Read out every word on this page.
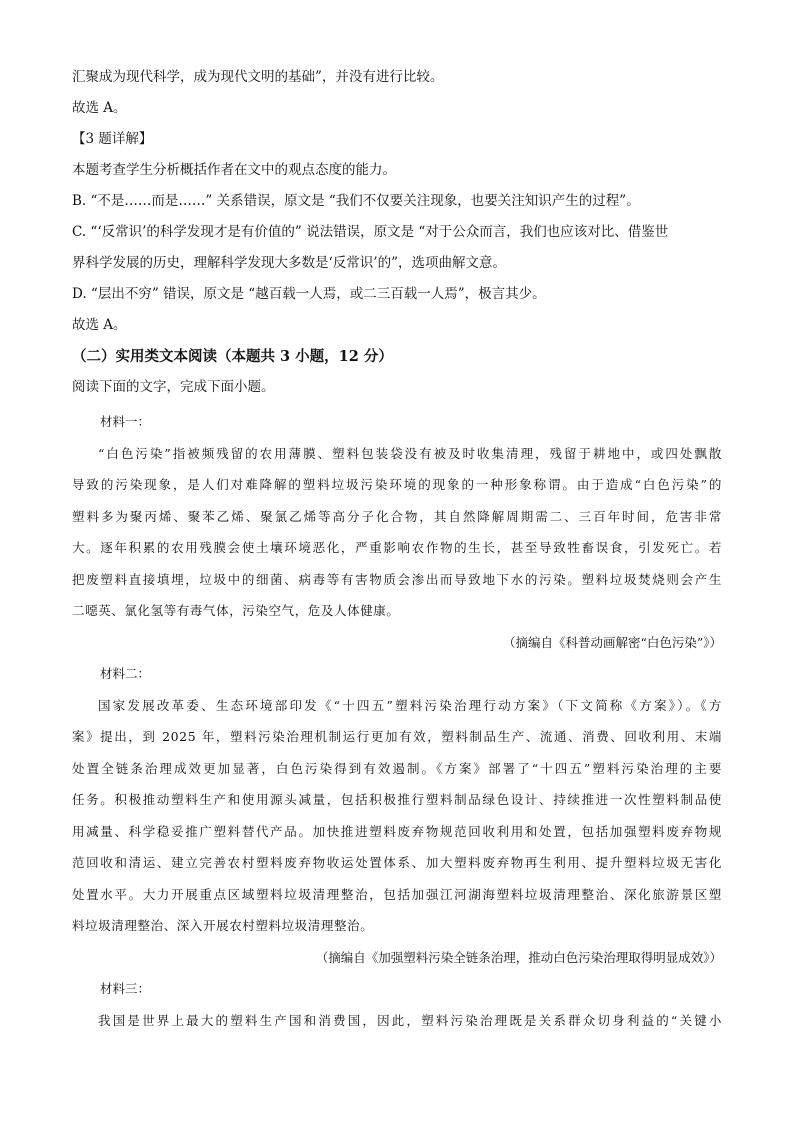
汇聚成为现代科学，成为现代文明的基础”，并没有进行比较。

故选 A。

【3 题详解】

本题考查学生分析概括作者在文中的观点态度的能力。

B. “不是……而是……” 关系错误，原文是 “我们不仅要关注现象，也要关注知识产生的过程”。

C. “‘反常识’的科学发现才是有价值的” 说法错误，原文是 “对于公众而言，我们也应该对比、借鉴世

界科学发展的历史，理解科学发现大多数是‘反常识’的”，选项曲解文意。

D. “层出不穷” 错误，原文是 “越百载一人焉，或二三百载一人焉”，极言其少。

故选 A。

（二）实用类文本阅读（本题共 3 小题，12 分）

阅读下面的文字，完成下面小题。

材料一：

“白色污染”指被频残留的农用薄膜、塑料包装袋没有被及时收集清理，残留于耕地中，或四处飘散

导致的污染现象，是人们对难降解的塑料垃圾污染环境的现象的一种形象称谓。由于造成“白色污染”的

塑料多为聚丙烯、聚苯乙烯、聚氯乙烯等高分子化合物，其自然降解周期需二、三百年时间，危害非常

大。逐年积累的农用残膜会使土壤环境恶化，严重影响农作物的生长，甚至导致牲畜误食，引发死亡。若

把废塑料直接填埋，垃圾中的细菌、病毒等有害物质会渗出而导致地下水的污染。塑料垃圾焚烧则会产生

二噁英、氯化氢等有毒气体，污染空气，危及人体健康。

（摘编自《科普动画解密“白色污染”》）

材料二：

国家发展改革委、生态环境部印发《“十四五”塑料污染治理行动方案》（下文简称《方案》）。《方

案》提出，到 2025 年，塑料污染治理机制运行更加有效，塑料制品生产、流通、消费、回收利用、末端

处置全链条治理成效更加显著，白色污染得到有效遏制。《方案》部署了“十四五”塑料污染治理的主要

任务。积极推动塑料生产和使用源头减量，包括积极推行塑料制品绿色设计、持续推进一次性塑料制品使

用减量、科学稳妥推广塑料替代产品。加快推进塑料废弃物规范回收利用和处置，包括加强塑料废弃物规

范回收和清运、建立完善农村塑料废弃物收运处置体系、加大塑料废弃物再生利用、提升塑料垃圾无害化

处置水平。大力开展重点区域塑料垃圾清理整治，包括加强江河湖海塑料垃圾清理整治、深化旅游景区塑

料垃圾清理整治、深入开展农村塑料垃圾清理整治。

（摘编自《加强塑料污染全链条治理，推动白色污染治理取得明显成效》）

材料三：

我国是世界上最大的塑料生产国和消费国，因此，塑料污染治理既是关系群众切身利益的“关键小
